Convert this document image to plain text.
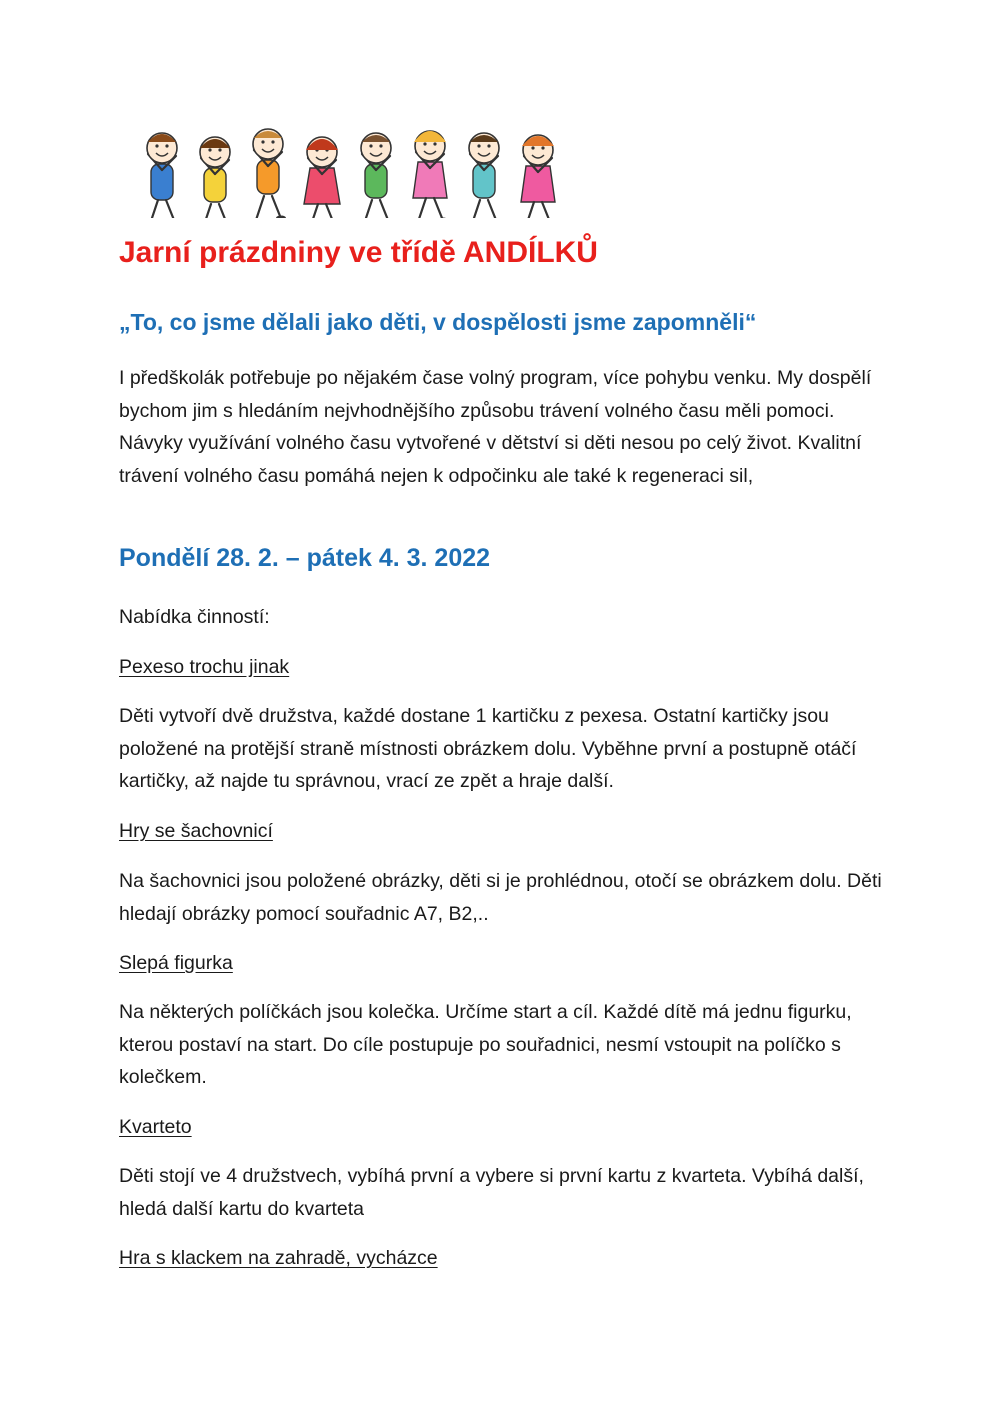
Jarní prázdniny ve třídě ANDÍLKŮ
„To, co jsme dělali jako děti, v dospělosti jsme zapomněli“

I předškolák potřebuje po nějakém čase volný program, více pohybu venku. My dospělí bychom jim s hledáním nejvhodnějšího způsobu trávení volného času měli pomoci. Návyky využívání volného času vytvořené v dětství si děti nesou po celý život. Kvalitní trávení volného času pomáhá nejen k odpočinku ale také k regeneraci sil,

Pondělí 28. 2. – pátek 4. 3. 2022

Nabídka činností:

Pexeso trochu jinak

Děti vytvoří dvě družstva, každé dostane 1 kartičku z pexesa. Ostatní kartičky jsou položené na protější straně místnosti obrázkem dolu. Vyběhne první a postupně otáčí kartičky, až najde tu správnou, vrací ze zpět a hraje další.

Hry se šachovnicí

Na šachovnici jsou položené obrázky, děti si je prohlédnou, otočí se obrázkem dolu. Děti hledají obrázky pomocí souřadnic A7, B2,..

Slepá figurka

Na některých políčkách jsou kolečka. Určíme start a cíl. Každé dítě má jednu figurku, kterou postaví na start. Do cíle postupuje po souřadnici, nesmí vstoupit na políčko s kolečkem.

Kvarteto

Děti stojí ve 4 družstvech, vybíhá první a vybere si první kartu z kvarteta. Vybíhá další, hledá další kartu do kvarteta

Hra s klackem na zahradě, vycházce
